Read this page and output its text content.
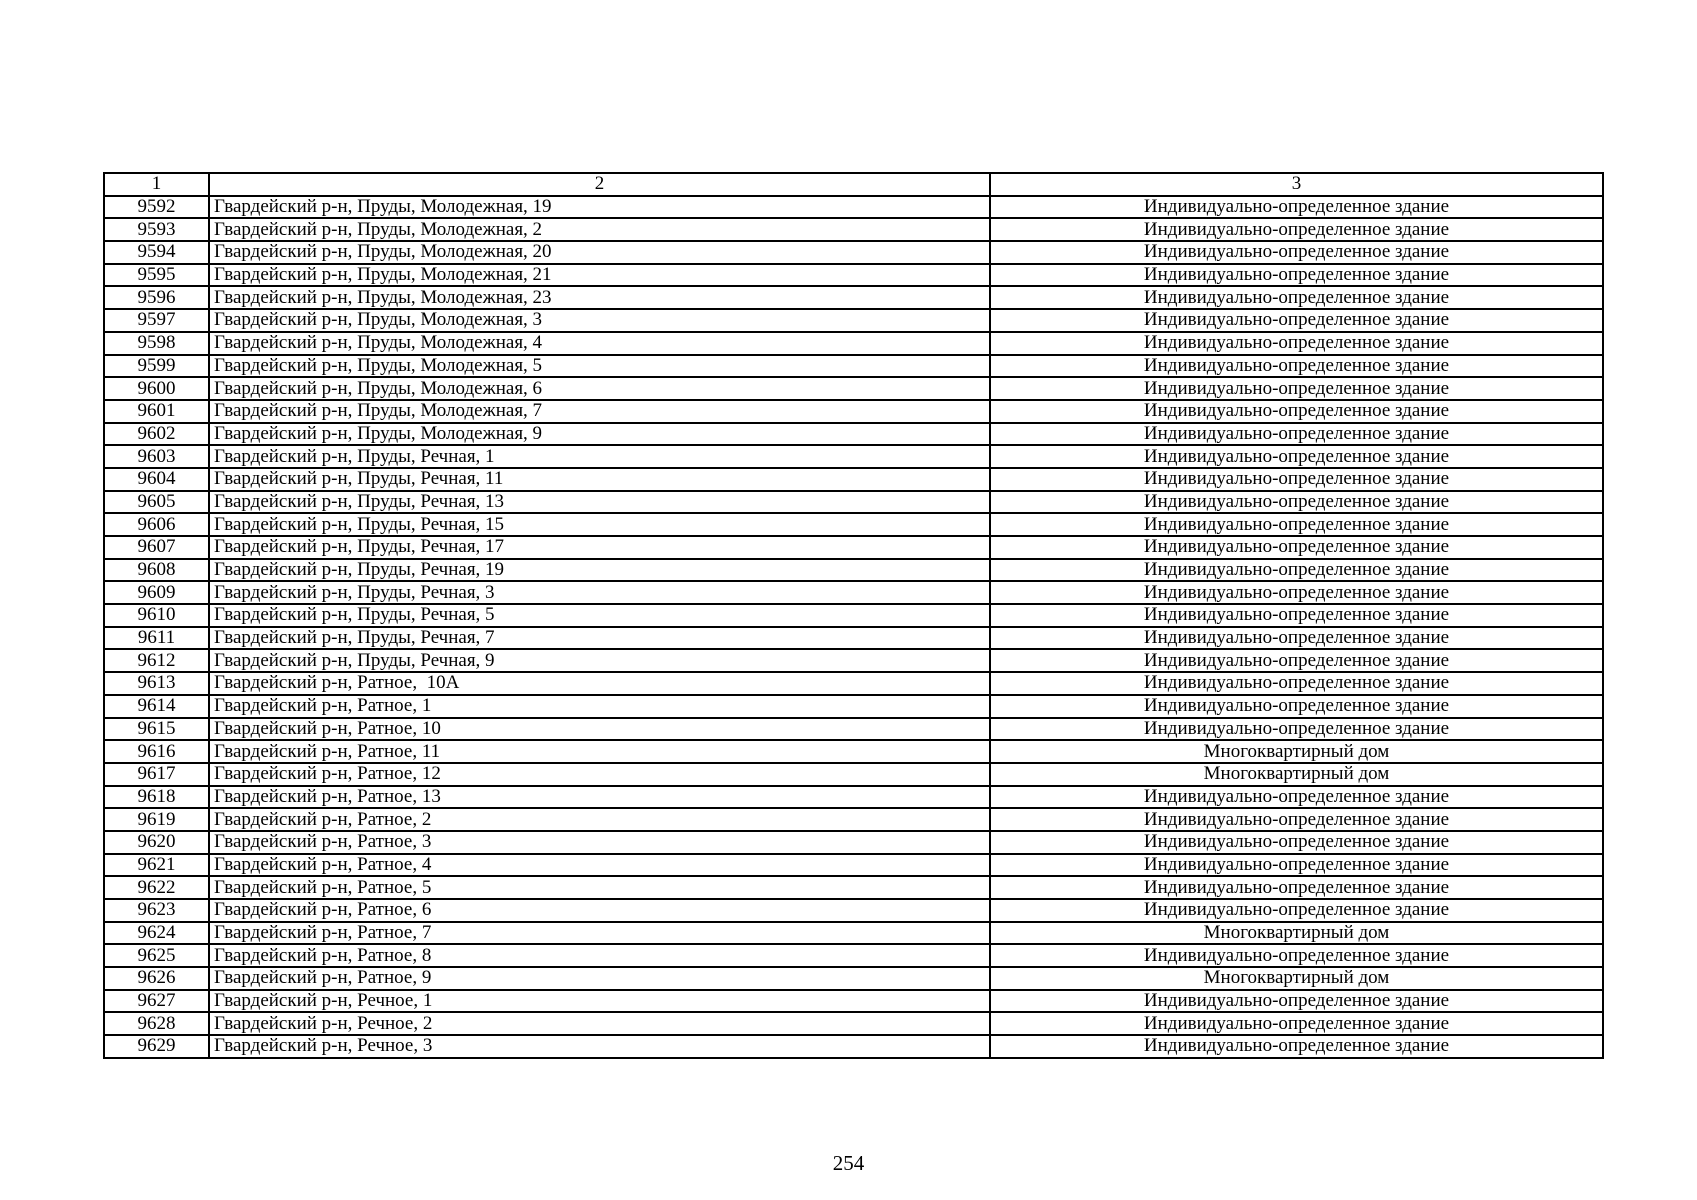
1	2	3
9592	Гвардейский р-н, Пруды, Молодежная, 19	Индивидуально-определенное здание
9593	Гвардейский р-н, Пруды, Молодежная, 2	Индивидуально-определенное здание
9594	Гвардейский р-н, Пруды, Молодежная, 20	Индивидуально-определенное здание
9595	Гвардейский р-н, Пруды, Молодежная, 21	Индивидуально-определенное здание
9596	Гвардейский р-н, Пруды, Молодежная, 23	Индивидуально-определенное здание
9597	Гвардейский р-н, Пруды, Молодежная, 3	Индивидуально-определенное здание
9598	Гвардейский р-н, Пруды, Молодежная, 4	Индивидуально-определенное здание
9599	Гвардейский р-н, Пруды, Молодежная, 5	Индивидуально-определенное здание
9600	Гвардейский р-н, Пруды, Молодежная, 6	Индивидуально-определенное здание
9601	Гвардейский р-н, Пруды, Молодежная, 7	Индивидуально-определенное здание
9602	Гвардейский р-н, Пруды, Молодежная, 9	Индивидуально-определенное здание
9603	Гвардейский р-н, Пруды, Речная, 1	Индивидуально-определенное здание
9604	Гвардейский р-н, Пруды, Речная, 11	Индивидуально-определенное здание
9605	Гвардейский р-н, Пруды, Речная, 13	Индивидуально-определенное здание
9606	Гвардейский р-н, Пруды, Речная, 15	Индивидуально-определенное здание
9607	Гвардейский р-н, Пруды, Речная, 17	Индивидуально-определенное здание
9608	Гвардейский р-н, Пруды, Речная, 19	Индивидуально-определенное здание
9609	Гвардейский р-н, Пруды, Речная, 3	Индивидуально-определенное здание
9610	Гвардейский р-н, Пруды, Речная, 5	Индивидуально-определенное здание
9611	Гвардейский р-н, Пруды, Речная, 7	Индивидуально-определенное здание
9612	Гвардейский р-н, Пруды, Речная, 9	Индивидуально-определенное здание
9613	Гвардейский р-н, Ратное,  10А	Индивидуально-определенное здание
9614	Гвардейский р-н, Ратное, 1	Индивидуально-определенное здание
9615	Гвардейский р-н, Ратное, 10	Индивидуально-определенное здание
9616	Гвардейский р-н, Ратное, 11	Многоквартирный дом
9617	Гвардейский р-н, Ратное, 12	Многоквартирный дом
9618	Гвардейский р-н, Ратное, 13	Индивидуально-определенное здание
9619	Гвардейский р-н, Ратное, 2	Индивидуально-определенное здание
9620	Гвардейский р-н, Ратное, 3	Индивидуально-определенное здание
9621	Гвардейский р-н, Ратное, 4	Индивидуально-определенное здание
9622	Гвардейский р-н, Ратное, 5	Индивидуально-определенное здание
9623	Гвардейский р-н, Ратное, 6	Индивидуально-определенное здание
9624	Гвардейский р-н, Ратное, 7	Многоквартирный дом
9625	Гвардейский р-н, Ратное, 8	Индивидуально-определенное здание
9626	Гвардейский р-н, Ратное, 9	Многоквартирный дом
9627	Гвардейский р-н, Речное, 1	Индивидуально-определенное здание
9628	Гвардейский р-н, Речное, 2	Индивидуально-определенное здание
9629	Гвардейский р-н, Речное, 3	Индивидуально-определенное здание
254
